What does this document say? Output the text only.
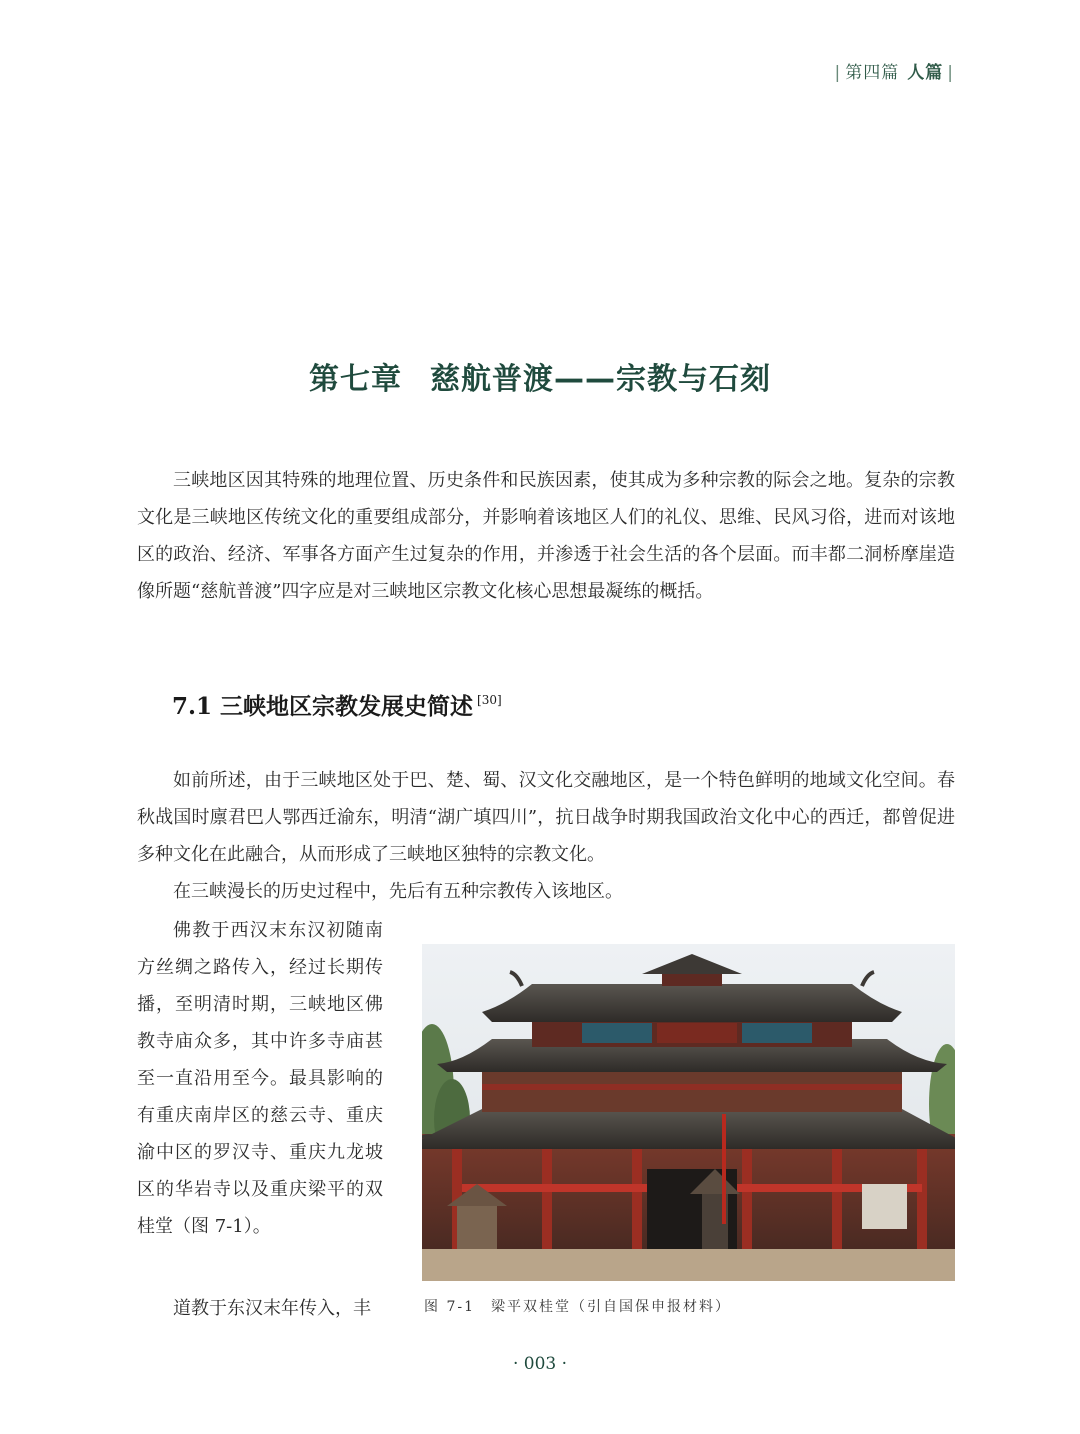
| 第四篇 人篇 |
第七章 慈航普渡——宗教与石刻

三峡地区因其特殊的地理位置、历史条件和民族因素，使其成为多种宗教的际会之地。复杂的宗教文化是三峡地区传统文化的重要组成部分，并影响着该地区人们的礼仪、思维、民风习俗，进而对该地区的政治、经济、军事各方面产生过复杂的作用，并渗透于社会生活的各个层面。而丰都二洞桥摩崖造像所题“慈航普渡”四字应是对三峡地区宗教文化核心思想最凝练的概括。

7.1 三峡地区宗教发展史简述 [30]

如前所述，由于三峡地区处于巴、楚、蜀、汉文化交融地区，是一个特色鲜明的地域文化空间。春秋战国时廪君巴人鄂西迁渝东，明清“湖广填四川”，抗日战争时期我国政治文化中心的西迁，都曾促进多种文化在此融合，从而形成了三峡地区独特的宗教文化。

在三峡漫长的历史过程中，先后有五种宗教传入该地区。

佛教于西汉末东汉初随南方丝绸之路传入，经过长期传播，至明清时期，三峡地区佛教寺庙众多，其中许多寺庙甚至一直沿用至今。最具影响的有重庆南岸区的慈云寺、重庆渝中区的罗汉寺、重庆九龙坡区的华岩寺以及重庆梁平的双桂堂（图 7-1）。

道教于东汉末年传入，丰	图 7-1　梁平双桂堂（引自国保申报材料）
· 003 ·
